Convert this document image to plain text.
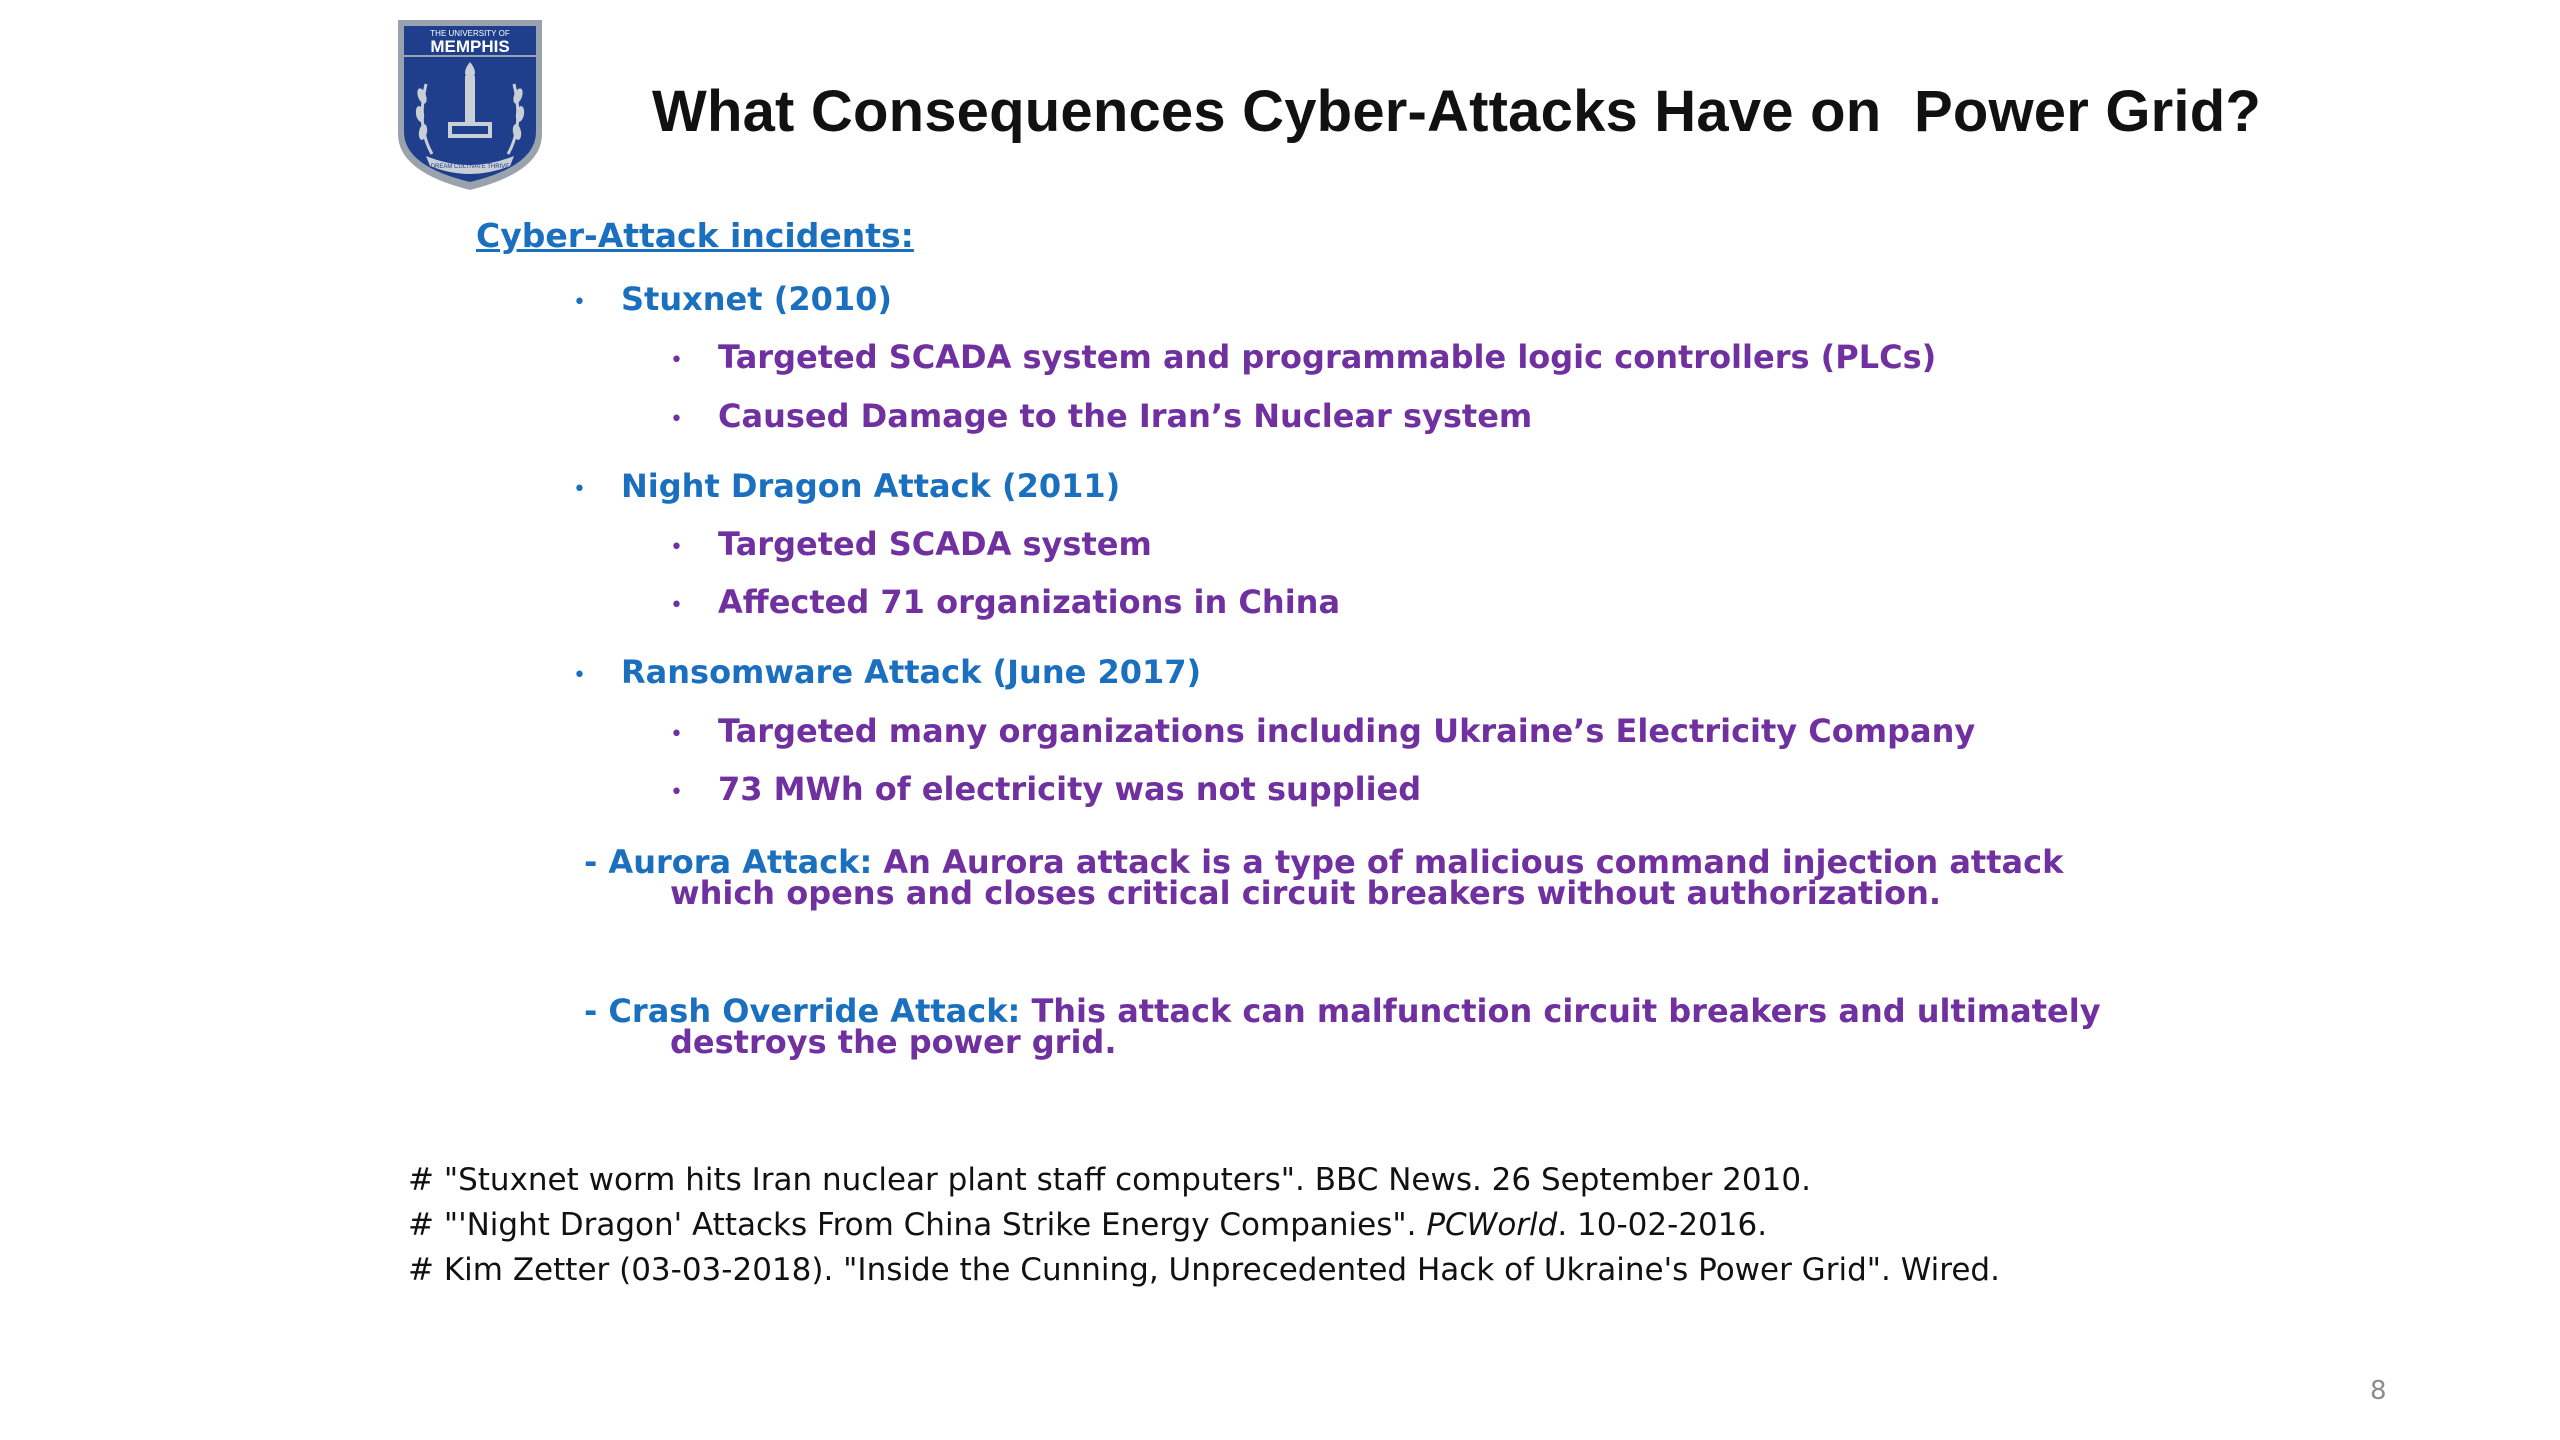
THE UNIVERSITY OF
MEMPHIS
DREAM CULTIVATE THRIVE
What Consequences Cyber-Attacks Have on  Power Grid?
Cyber-Attack incidents:
• Stuxnet (2010)
• Targeted SCADA system and programmable logic controllers (PLCs)
• Caused Damage to the Iran’s Nuclear system
• Night Dragon Attack (2011)
• Targeted SCADA system
• Affected 71 organizations in China
• Ransomware Attack (June 2017)
• Targeted many organizations including Ukraine’s Electricity Company
• 73 MWh of electricity was not supplied
- Aurora Attack: An Aurora attack is a type of malicious command injection attack
which opens and closes critical circuit breakers without authorization.
- Crash Override Attack: This attack can malfunction circuit breakers and ultimately
destroys the power grid.
# "Stuxnet worm hits Iran nuclear plant staff computers". BBC News. 26 September 2010.
# "'Night Dragon' Attacks From China Strike Energy Companies". PCWorld. 10-02-2016.
# Kim Zetter (03-03-2018). "Inside the Cunning, Unprecedented Hack of Ukraine's Power Grid". Wired.
8
